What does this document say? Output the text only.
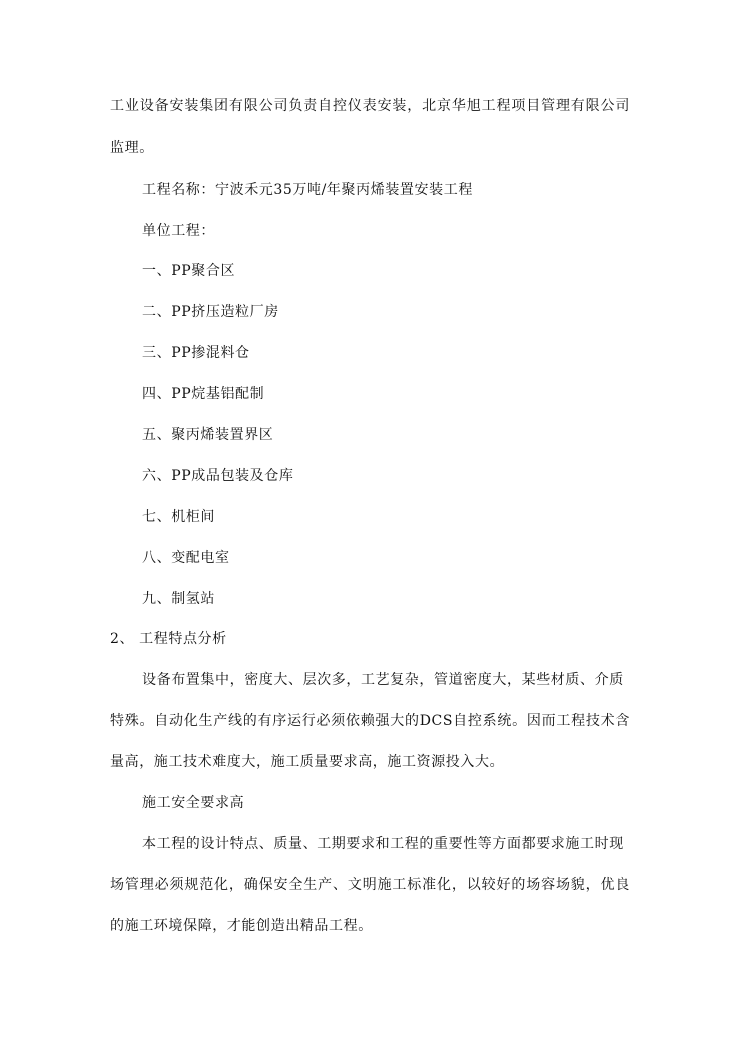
工业设备安装集团有限公司负责自控仪表安装，北京华旭工程项目管理有限公司

监理。

工程名称：宁波禾元35万吨/年聚丙烯装置安装工程

单位工程：

一、PP聚合区

二、PP挤压造粒厂房

三、PP掺混料仓

四、PP烷基铝配制

五、聚丙烯装置界区

六、PP成品包装及仓库

七、机柜间

八、变配电室

九、制氢站

2、 工程特点分析

设备布置集中，密度大、层次多，工艺复杂，管道密度大，某些材质、介质

特殊。自动化生产线的有序运行必须依赖强大的DCS自控系统。因而工程技术含

量高，施工技术难度大，施工质量要求高，施工资源投入大。

施工安全要求高

本工程的设计特点、质量、工期要求和工程的重要性等方面都要求施工时现

场管理必须规范化，确保安全生产、文明施工标准化，以较好的场容场貌，优良

的施工环境保障，才能创造出精品工程。
